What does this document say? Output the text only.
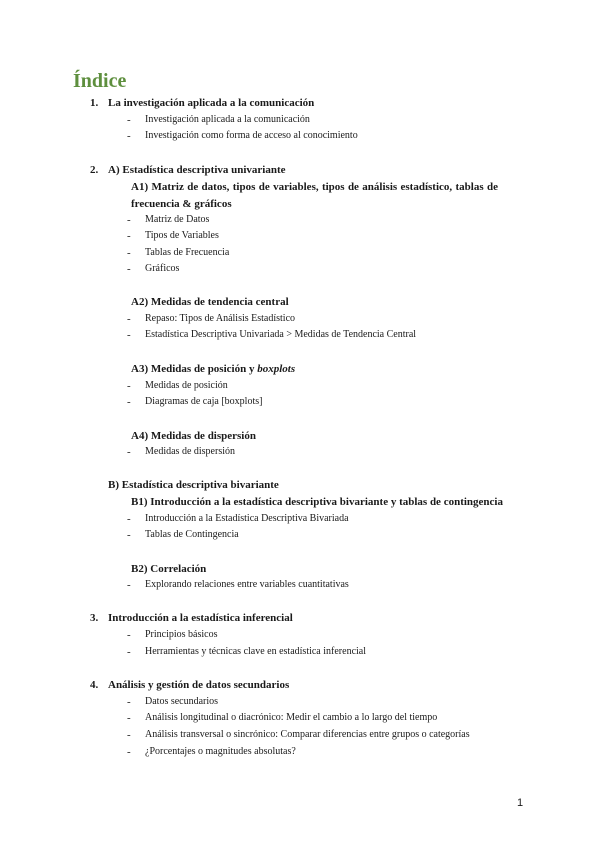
Índice
1. La investigación aplicada a la comunicación
- Investigación aplicada a la comunicación
- Investigación como forma de acceso al conocimiento
2. A) Estadística descriptiva univariante
A1) Matriz de datos, tipos de variables, tipos de análisis estadístico, tablas de
frecuencia & gráficos
- Matriz de Datos
- Tipos de Variables
- Tablas de Frecuencia
- Gráficos
A2) Medidas de tendencia central
- Repaso: Tipos de Análisis Estadístico
- Estadística Descriptiva Univariada > Medidas de Tendencia Central
A3) Medidas de posición y boxplots
- Medidas de posición
- Diagramas de caja [boxplots]
A4) Medidas de dispersión
- Medidas de dispersión
B) Estadística descriptiva bivariante
B1) Introducción a la estadística descriptiva bivariante y tablas de contingencia
- Introducción a la Estadística Descriptiva Bivariada
- Tablas de Contingencia
B2) Correlación
- Explorando relaciones entre variables cuantitativas
3. Introducción a la estadística inferencial
- Principios básicos
- Herramientas y técnicas clave en estadística inferencial
4. Análisis y gestión de datos secundarios
- Datos secundarios
- Análisis longitudinal o diacrónico: Medir el cambio a lo largo del tiempo
- Análisis transversal o sincrónico: Comparar diferencias entre grupos o categorías
- ¿Porcentajes o magnitudes absolutas?
1
